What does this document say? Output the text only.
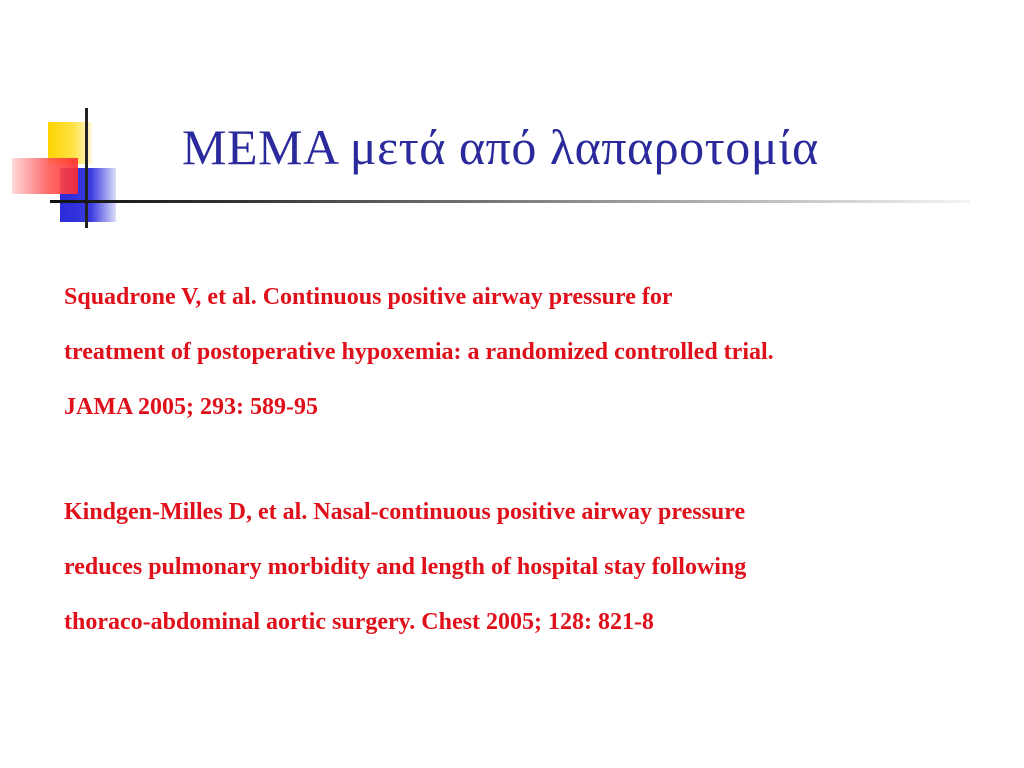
ΜΕΜΑ μετά από λαπαροτομία
Squadrone V, et al. Continuous positive airway pressure for
treatment of postoperative hypoxemia: a randomized controlled trial.
JAMA 2005; 293: 589-95
Kindgen-Milles D, et al. Nasal-continuous positive airway pressure
reduces pulmonary morbidity and length of hospital stay following
thoraco-abdominal aortic surgery. Chest 2005; 128: 821-8
